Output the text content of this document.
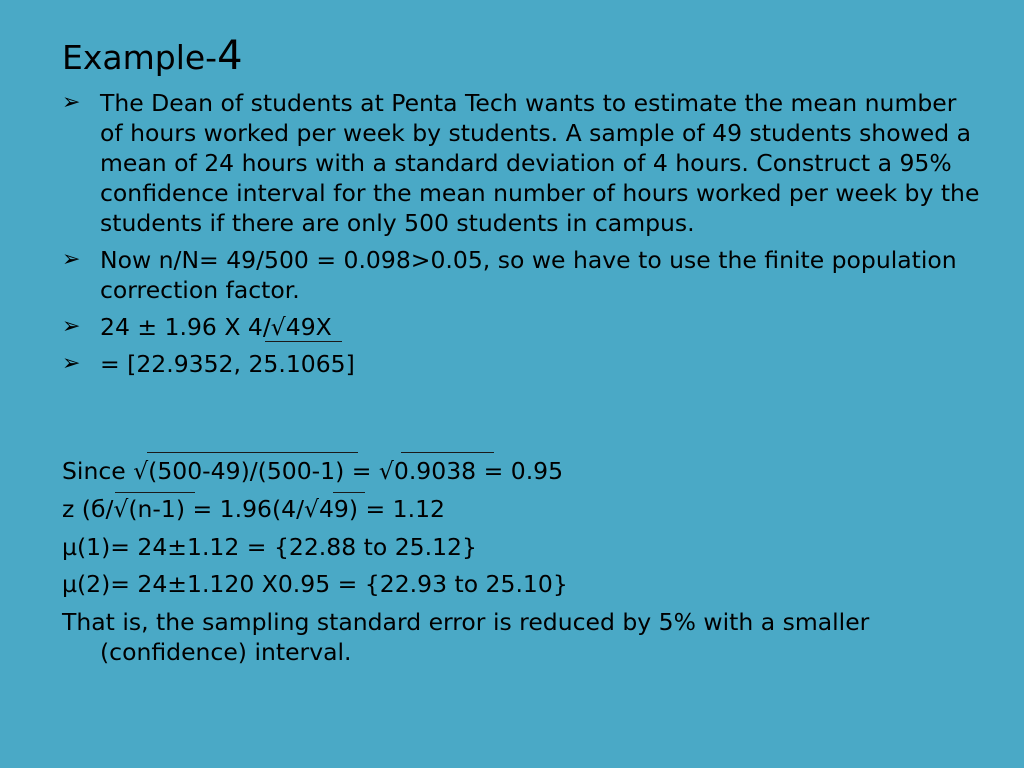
Example-4
➢ The Dean of students at Penta Tech wants to estimate the mean number of hours worked per week by students. A sample of 49 students showed a mean of 24 hours with a standard deviation of 4 hours. Construct a 95% confidence interval for the mean number of hours worked per week by the students if there are only 500 students in campus.
➢ Now n/N= 49/500 = 0.098>0.05, so we have to use the finite population correction factor.
➢ 24 ± 1.96 X 4/√49X
➢ = [22.9352, 25.1065]
Since √(500-49)/(500-1) = √0.9038 = 0.95
z (б/√(n-1) = 1.96(4/√49) = 1.12
µ(1)= 24±1.12 = {22.88 to 25.12}
µ(2)= 24±1.120 X0.95 = {22.93 to 25.10}
That is, the sampling standard error is reduced by 5% with a smaller (confidence) interval.
